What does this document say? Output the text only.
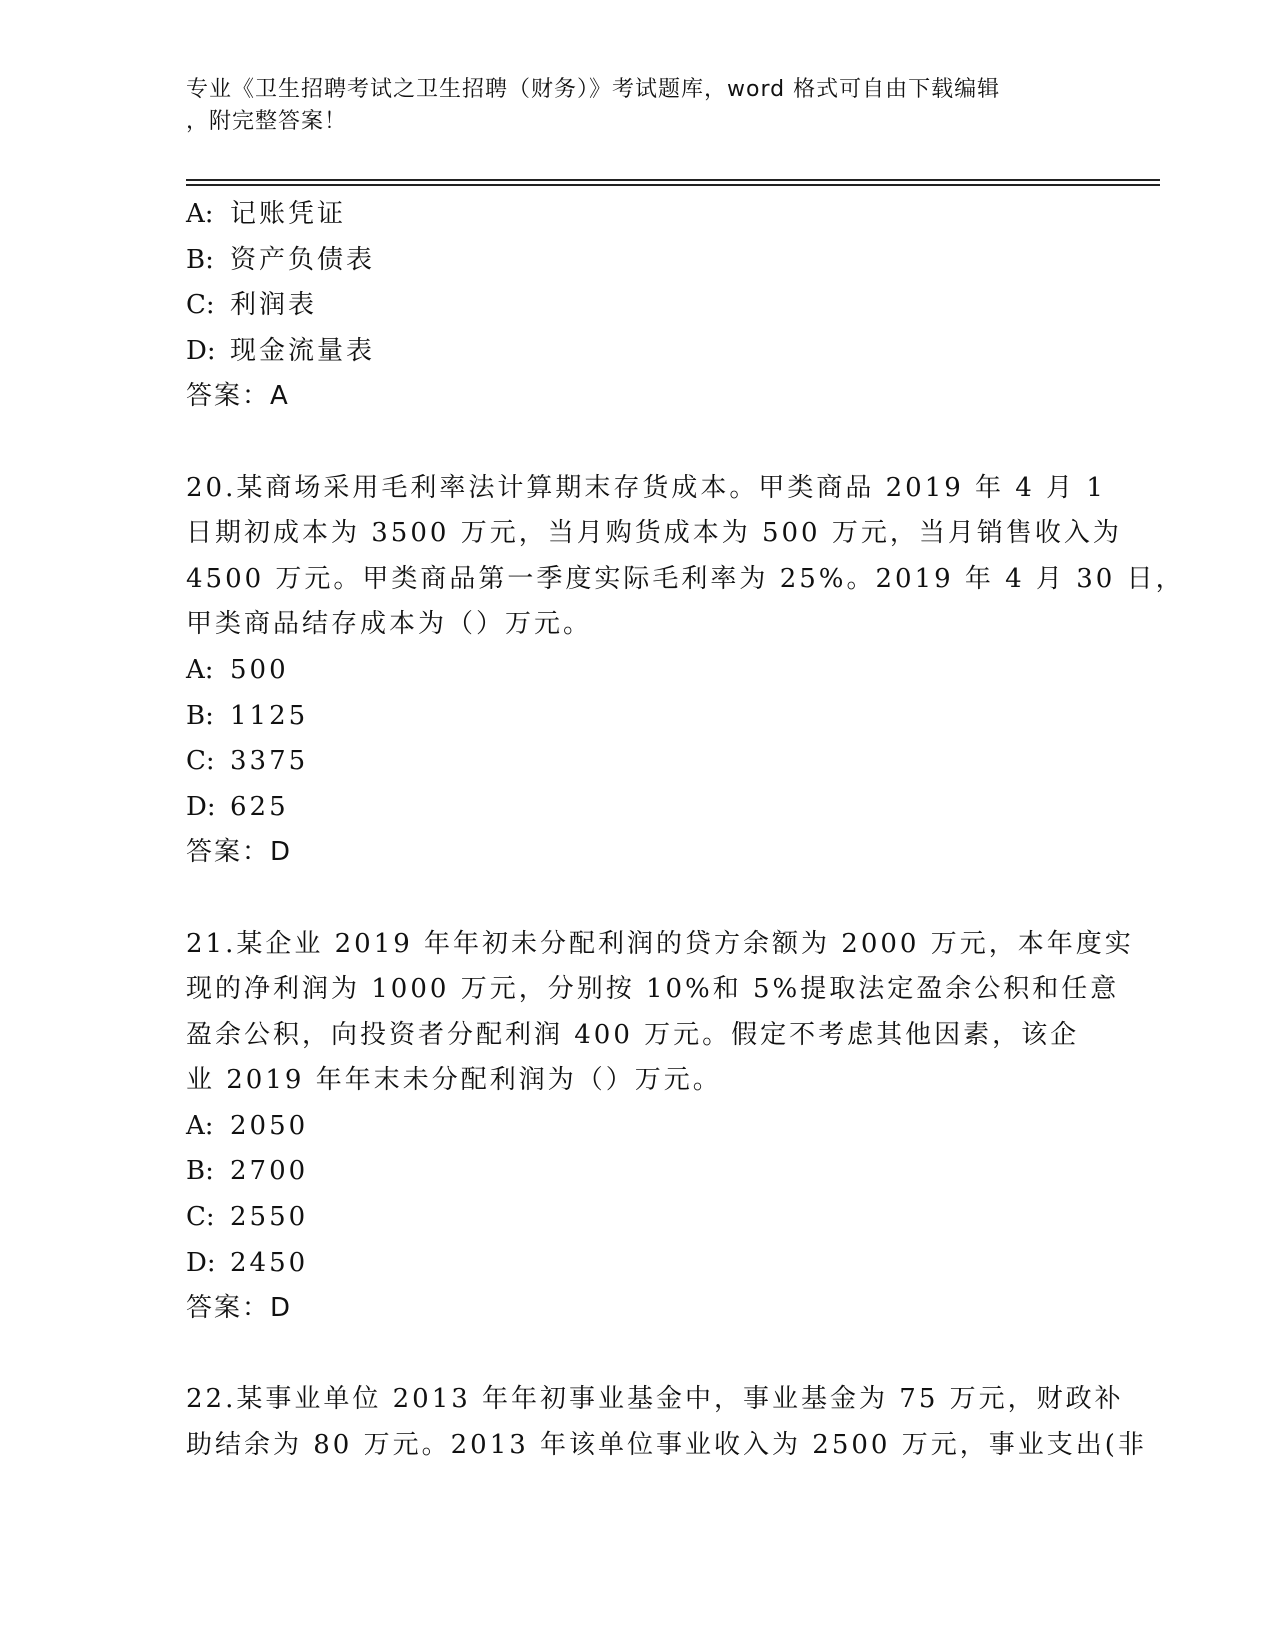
专业《卫生招聘考试之卫生招聘（财务）》考试题库，word 格式可自由下载编辑
，附完整答案！
A: 记账凭证
B: 资产负债表
C: 利润表
D: 现金流量表
答案：A
20.某商场采用毛利率法计算期末存货成本。甲类商品 2019 年 4 月 1
日期初成本为 3500 万元，当月购货成本为 500 万元，当月销售收入为
4500 万元。甲类商品第一季度实际毛利率为 25%。2019 年 4 月 30 日，
甲类商品结存成本为（）万元。
A: 500
B: 1125
C: 3375
D: 625
答案：D
21.某企业 2019 年年初未分配利润的贷方余额为 2000 万元，本年度实
现的净利润为 1000 万元，分别按 10%和 5%提取法定盈余公积和任意
盈余公积，向投资者分配利润 400 万元。假定不考虑其他因素，该企
业 2019 年年末未分配利润为（）万元。
A: 2050
B: 2700
C: 2550
D: 2450
答案：D
22.某事业单位 2013 年年初事业基金中，事业基金为 75 万元，财政补
助结余为 80 万元。2013 年该单位事业收入为 2500 万元，事业支出(非
